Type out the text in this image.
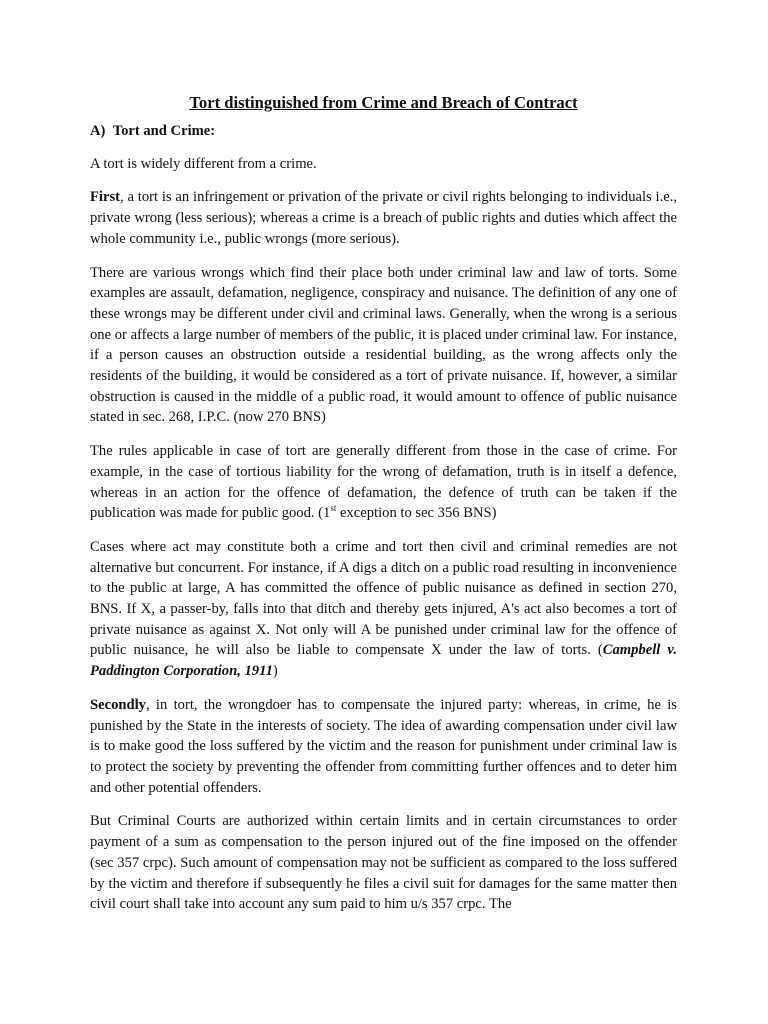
Tort distinguished from Crime and Breach of Contract
A) Tort and Crime:

A tort is widely different from a crime.

First, a tort is an infringement or privation of the private or civil rights belonging to individuals i.e., private wrong (less serious); whereas a crime is a breach of public rights and duties which affect the whole community i.e., public wrongs (more serious).

There are various wrongs which find their place both under criminal law and law of torts. Some examples are assault, defamation, negligence, conspiracy and nuisance. The definition of any one of these wrongs may be different under civil and criminal laws. Generally, when the wrong is a serious one or affects a large number of members of the public, it is placed under criminal law. For instance, if a person causes an obstruction outside a residential building, as the wrong affects only the residents of the building, it would be considered as a tort of private nuisance. If, however, a similar obstruction is caused in the middle of a public road, it would amount to offence of public nuisance stated in sec. 268, I.P.C. (now 270 BNS)

The rules applicable in case of tort are generally different from those in the case of crime. For example, in the case of tortious liability for the wrong of defamation, truth is in itself a defence, whereas in an action for the offence of defamation, the defence of truth can be taken if the publication was made for public good. (1st exception to sec 356 BNS)

Cases where act may constitute both a crime and tort then civil and criminal remedies are not alternative but concurrent. For instance, if A digs a ditch on a public road resulting in inconvenience to the public at large, A has committed the offence of public nuisance as defined in section 270, BNS. If X, a passer-by, falls into that ditch and thereby gets injured, A's act also becomes a tort of private nuisance as against X. Not only will A be punished under criminal law for the offence of public nuisance, he will also be liable to compensate X under the law of torts. (Campbell v. Paddington Corporation, 1911)

Secondly, in tort, the wrongdoer has to compensate the injured party: whereas, in crime, he is punished by the State in the interests of society. The idea of awarding compensation under civil law is to make good the loss suffered by the victim and the reason for punishment under criminal law is to protect the society by preventing the offender from committing further offences and to deter him and other potential offenders.

But Criminal Courts are authorized within certain limits and in certain circumstances to order payment of a sum as compensation to the person injured out of the fine imposed on the offender (sec 357 crpc). Such amount of compensation may not be sufficient as compared to the loss suffered by the victim and therefore if subsequently he files a civil suit for damages for the same matter then civil court shall take into account any sum paid to him u/s 357 crpc. The
